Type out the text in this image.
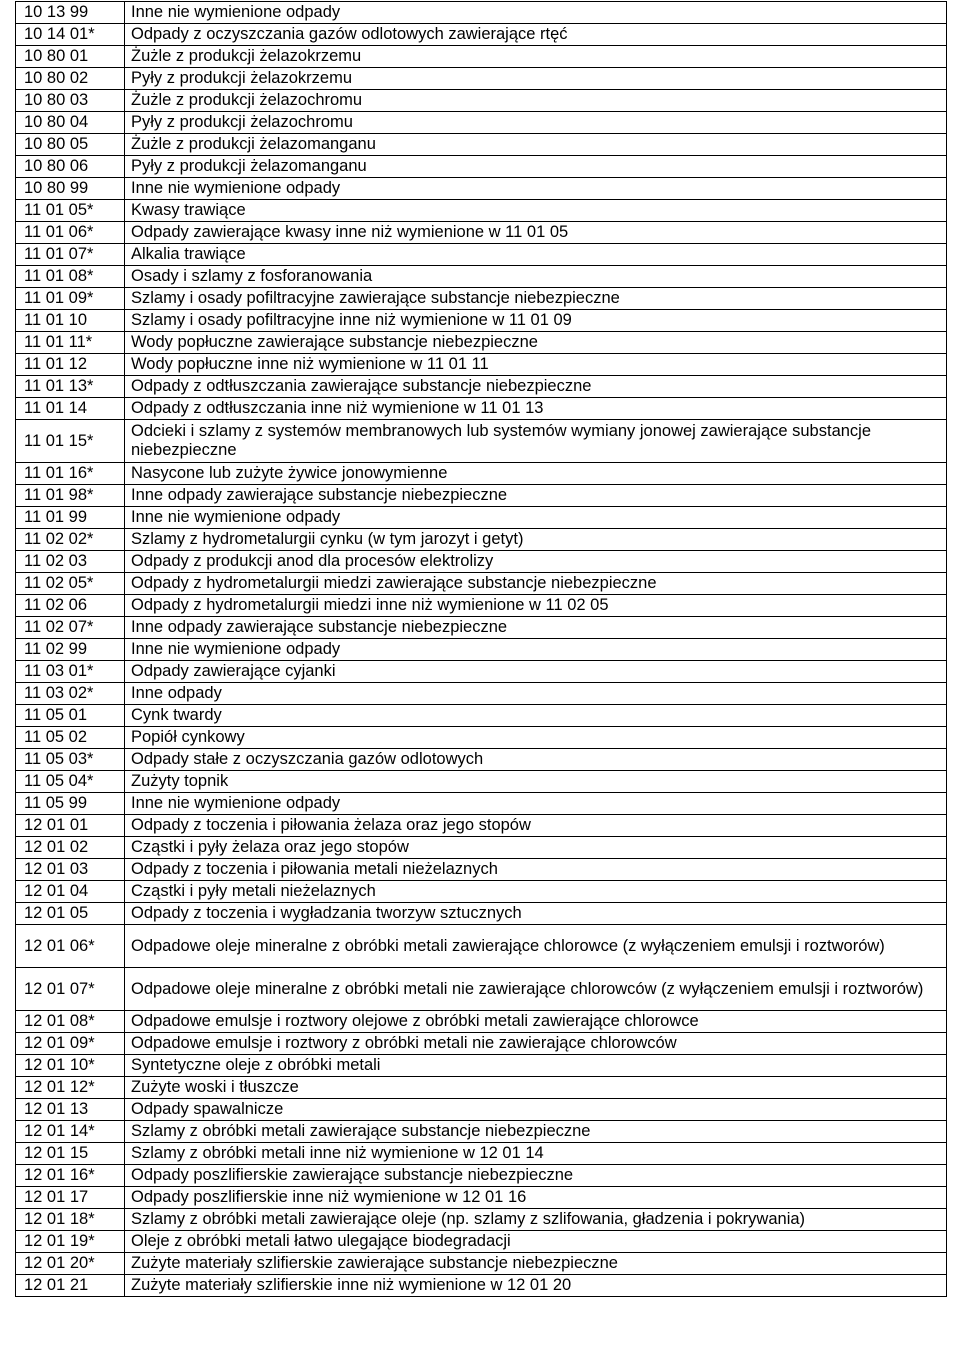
10 13 99	Inne nie wymienione odpady
10 14 01*	Odpady z oczyszczania gazów odlotowych zawierające rtęć
10 80 01	Żużle z produkcji żelazokrzemu
10 80 02	Pyły z produkcji żelazokrzemu
10 80 03	Żużle z produkcji żelazochromu
10 80 04	Pyły z produkcji żelazochromu
10 80 05	Żużle z produkcji żelazomanganu
10 80 06	Pyły z produkcji żelazomanganu
10 80 99	Inne nie wymienione odpady
11 01 05*	Kwasy trawiące
11 01 06*	Odpady zawierające kwasy inne niż wymienione w 11 01 05
11 01 07*	Alkalia trawiące
11 01 08*	Osady i szlamy z fosforanowania
11 01 09*	Szlamy i osady pofiltracyjne zawierające substancje niebezpieczne
11 01 10	Szlamy i osady pofiltracyjne inne niż wymienione w 11 01 09
11 01 11*	Wody popłuczne zawierające substancje niebezpieczne
11 01 12	Wody popłuczne inne niż wymienione w 11 01 11
11 01 13*	Odpady z odtłuszczania zawierające substancje niebezpieczne
11 01 14	Odpady z odtłuszczania inne niż wymienione w 11 01 13
11 01 15*	Odcieki i szlamy z systemów membranowych lub systemów wymiany jonowej zawierające substancje niebezpieczne
11 01 16*	Nasycone lub zużyte żywice jonowymienne
11 01 98*	Inne odpady zawierające substancje niebezpieczne
11 01 99	Inne nie wymienione odpady
11 02 02*	Szlamy z hydrometalurgii cynku (w tym jarozyt i getyt)
11 02 03	Odpady z produkcji anod dla procesów elektrolizy
11 02 05*	Odpady z hydrometalurgii miedzi zawierające substancje niebezpieczne
11 02 06	Odpady z hydrometalurgii miedzi inne niż wymienione w 11 02 05
11 02 07*	Inne odpady zawierające substancje niebezpieczne
11 02 99	Inne nie wymienione odpady
11 03 01*	Odpady zawierające cyjanki
11 03 02*	Inne odpady
11 05 01	Cynk twardy
11 05 02	Popiół cynkowy
11 05 03*	Odpady stałe z oczyszczania gazów odlotowych
11 05 04*	Zużyty topnik
11 05 99	Inne nie wymienione odpady
12 01 01	Odpady z toczenia i piłowania żelaza oraz jego stopów
12 01 02	Cząstki i pyły żelaza oraz jego stopów
12 01 03	Odpady z toczenia i piłowania metali nieżelaznych
12 01 04	Cząstki i pyły metali nieżelaznych
12 01 05	Odpady z toczenia i wygładzania tworzyw sztucznych
12 01 06*	Odpadowe oleje mineralne z obróbki metali zawierające chlorowce (z wyłączeniem emulsji i roztworów)
12 01 07*	Odpadowe oleje mineralne z obróbki metali nie zawierające chlorowców (z wyłączeniem emulsji i roztworów)
12 01 08*	Odpadowe emulsje i roztwory olejowe z obróbki metali zawierające chlorowce
12 01 09*	Odpadowe emulsje i roztwory z obróbki metali nie zawierające chlorowców
12 01 10*	Syntetyczne oleje z obróbki metali
12 01 12*	Zużyte woski i tłuszcze
12 01 13	Odpady spawalnicze
12 01 14*	Szlamy z obróbki metali zawierające substancje niebezpieczne
12 01 15	Szlamy z obróbki metali inne niż wymienione w 12 01 14
12 01 16*	Odpady poszlifierskie zawierające substancje niebezpieczne
12 01 17	Odpady poszlifierskie inne niż wymienione w 12 01 16
12 01 18*	Szlamy z obróbki metali zawierające oleje (np. szlamy z szlifowania, gładzenia i pokrywania)
12 01 19*	Oleje z obróbki metali łatwo ulegające biodegradacji
12 01 20*	Zużyte materiały szlifierskie zawierające substancje niebezpieczne
12 01 21	Zużyte materiały szlifierskie inne niż wymienione w 12 01 20
